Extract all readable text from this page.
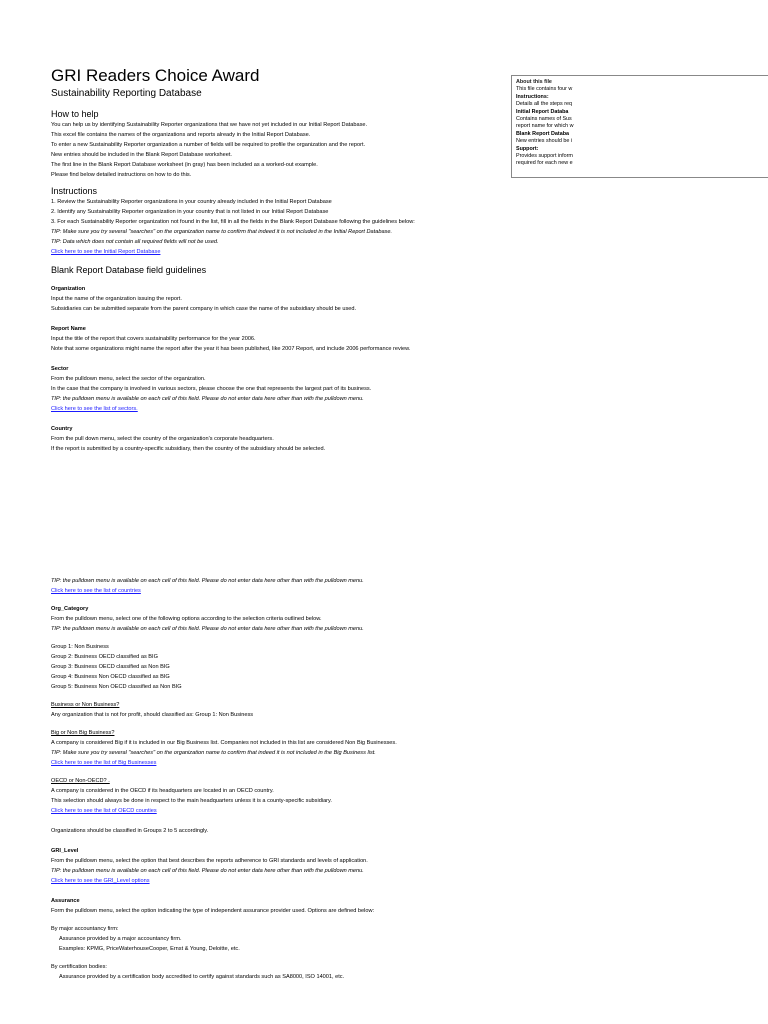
About this file
This file contains four w
Instructions:
Details all the steps req
Initial Report Databa
Contains names of Sus
report name for which w
Blank Report Databa
New entries should be i
Support:
Provides support inform
required for each new e
GRI Readers Choice Award
Sustainability Reporting Database
How to help
You can help us by identifying Sustainability Reporter organizations that we have not yet included in our Initial Report Database.
This excel file contains the names of the organizations and reports already in the Initial Report Database.
To enter a new Sustainability Reporter organization a number of fields will be required to profile the organization and the report.
New entries should be included in the Blank Report Database worksheet.
The first line in the Blank Report Database worksheet (in gray) has been included as a worked-out example.
Please find below detailed instructions on how to do this.
Instructions
1. Review the Sustainability Reporter organizations in your country already included in the Initial Report Database
2. Identify any Sustainability Reporter organization in your country that is not listed in our Initial Report Database
3. For each Sustainability Reporter organization not found in the list, fill in all the fields in the Blank Report Database following the guidelines below:
TIP: Make sure you try several "searches" on the organization name to confirm that indeed it is not included in the Initial Report Database.
TIP: Data which does not contain all required fields will not be used.
Click here to see the Initial Report Database
Blank Report Database field guidelines
Organization
Input the name of the organization issuing the report.
Subsidiaries can be submitted separate from the parent company in which case the name of the subsidiary should be used.
Report Name
Input the title of the report that covers sustainability performance for the year 2006.
Note that some organizations might name the report after the year it has been published, like 2007 Report, and include 2006 performance review.
Sector
From the pulldown menu, select the sector of the organization.
In the case that the company is involved in various sectors, please choose the one that represents the largest part of its business.
TIP: the pulldown menu is available on each cell of this field. Please do not enter data here other than with the pulldown menu.
Click here to see the list of sectors.
Country
From the pull down menu, select the country of the organization's corporate headquarters.
If the report is submitted by a country-specific subsidiary, then the country of the subsidiary should be selected.
TIP: the pulldown menu is available on each cell of this field. Please do not enter data here other than with the pulldown menu.
Click here to see the list of countries
Org_Category
From the pulldown menu, select one of the following options according to the selection criteria outlined below.
TIP: the pulldown menu is available on each cell of this field. Please do not enter data here other than with the pulldown menu.
Group 1: Non Business
Group 2: Business OECD classified as BIG
Group 3: Business OECD classified as Non BIG
Group 4: Business Non OECD classified as BIG
Group 5: Business Non OECD classified as Non BIG
Business or Non Business?
Any organization that is not for profit, should classified as: Group 1: Non Business
Big or Non Big Business?
A company is considered Big if it is included in our Big Business list. Companies not included in this list are considered Non Big Businesses.
TIP: Make sure you try several "searches" on the organization name to confirm that indeed it is not included in the Big Business list.
Click here to see the list of Big Businesses
OECD or Non-OECD? .
A company is considered in the OECD if its headquarters are located in an OECD country.
This selection should always be done in respect to the main headquarters unless it is a county-specific subsidiary.
Click here to see the list of OECD counties
Organizations should be classified in Groups 2 to 5 accordingly.
GRI_Level
From the pulldown menu, select the option that best describes the reports adherence to GRI standards and levels of application.
TIP: the pulldown menu is available on each cell of this field. Please do not enter data here other than with the pulldown menu.
Click here to see the GRI_Level options
Assurance
Form the pulldown menu, select the option indicating the type of independent assurance provider used. Options are defined below:
By major accountancy firm:
Assurance provided by a major accountancy firm.
Examples: KPMG, PriceWaterhouseCooper, Ernst & Young, Deloitte, etc.
By certification bodies:
Assurance provided by a certification body accredited to certify against standards such as SA8000, ISO 14001, etc.
